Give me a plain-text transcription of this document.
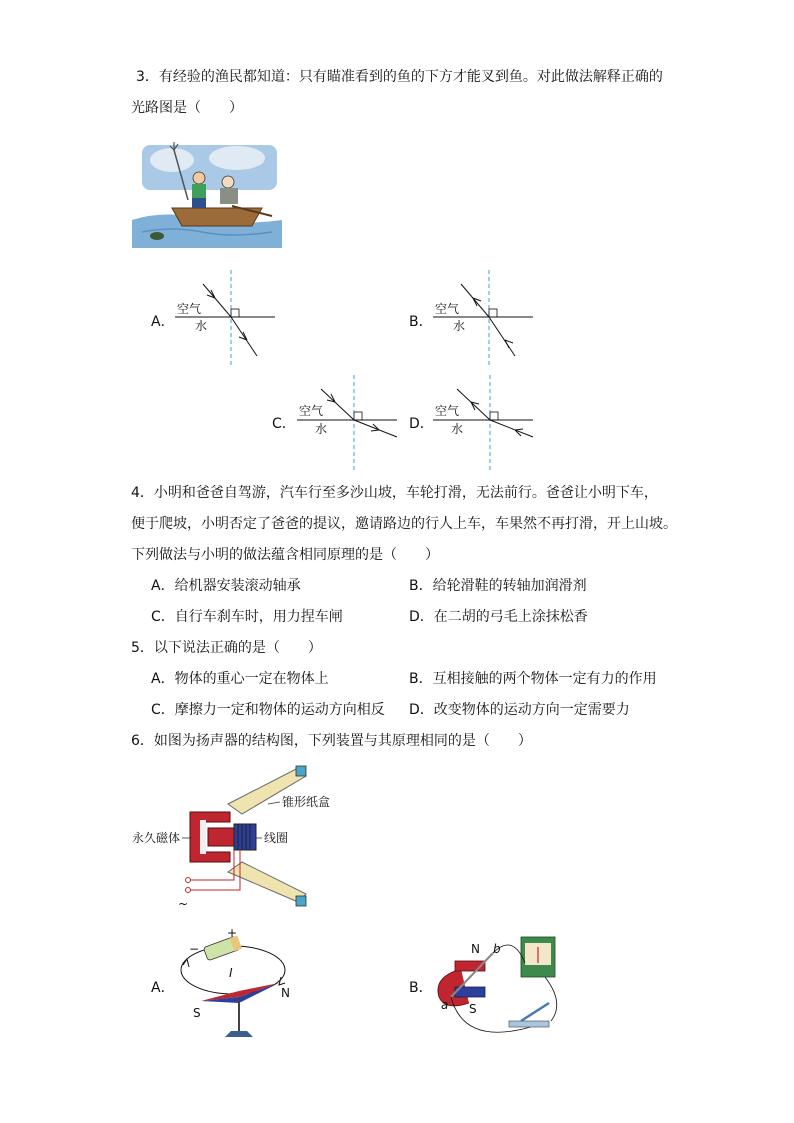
3．有经验的渔民都知道：只有瞄准看到的鱼的下方才能叉到鱼。对此做法解释正确的
光路图是（　　）
A．
空气
水	B．
空气
水
C．
空气
水	D．
空气
水
4．小明和爸爸自驾游，汽车行至多沙山坡，车轮打滑，无法前行。爸爸让小明下车，
便于爬坡，小明否定了爸爸的提议，邀请路边的行人上车，车果然不再打滑，开上山坡。
下列做法与小明的做法蕴含相同原理的是（　　）
A．给机器安装滚动轴承	B．给轮滑鞋的转轴加润滑剂
C．自行车刹车时，用力捏车闸	D．在二胡的弓毛上涂抹松香
5．以下说法正确的是（　　）
A．物体的重心一定在物体上	B．互相接触的两个物体一定有力的作用
C．摩擦力一定和物体的运动方向相反 D．改变物体的运动方向一定需要力
6．如图为扬声器的结构图，下列装置与其原理相同的是（　　）
~
锥形纸盒
永久磁体	线圈
A．
+
−
I
N
S
B．
N
S
a
b
